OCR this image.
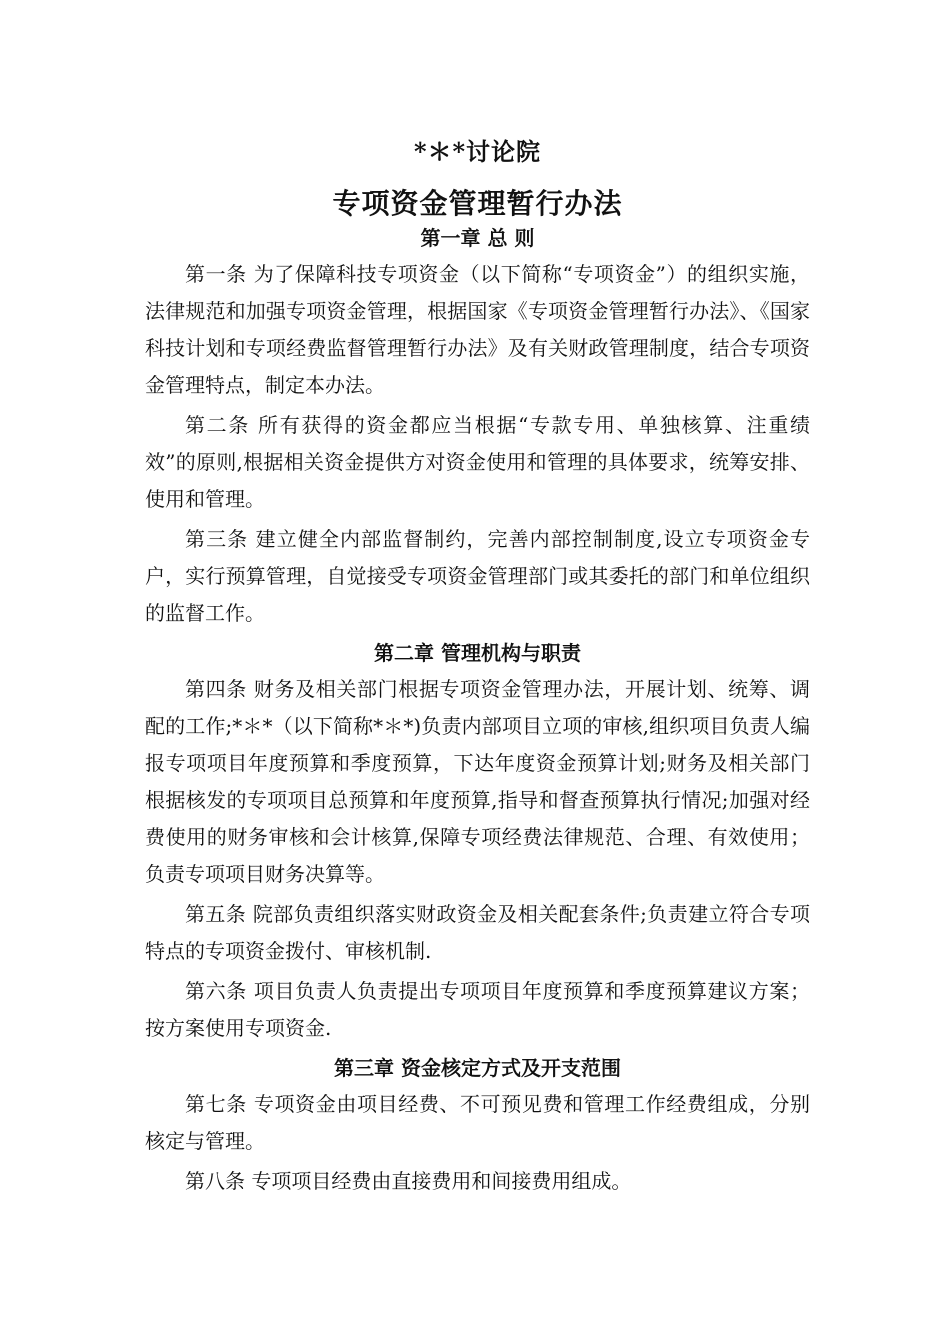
*＊*讨论院
专项资金管理暂行办法
第一章 总 则

第一条 为了保障科技专项资金（以下简称“专项资金”）的组织实施，法律规范和加强专项资金管理，根据国家《专项资金管理暂行办法》、《国家科技计划和专项经费监督管理暂行办法》及有关财政管理制度，结合专项资金管理特点，制定本办法。

第二条 所有获得的资金都应当根据“专款专用、单独核算、注重绩效”的原则,根据相关资金提供方对资金使用和管理的具体要求，统筹安排、使用和管理。

第三条 建立健全内部监督制约，完善内部控制制度,设立专项资金专户，实行预算管理，自觉接受专项资金管理部门或其委托的部门和单位组织的监督工作。

第二章 管理机构与职责

第四条 财务及相关部门根据专项资金管理办法，开展计划、统筹、调配的工作;*＊*（以下简称*＊*)负责内部项目立项的审核,组织项目负责人编报专项项目年度预算和季度预算，下达年度资金预算计划;财务及相关部门根据核发的专项项目总预算和年度预算,指导和督查预算执行情况;加强对经费使用的财务审核和会计核算,保障专项经费法律规范、合理、有效使用；负责专项项目财务决算等。

第五条 院部负责组织落实财政资金及相关配套条件;负责建立符合专项特点的专项资金拨付、审核机制.

第六条 项目负责人负责提出专项项目年度预算和季度预算建议方案；按方案使用专项资金.

第三章 资金核定方式及开支范围

第七条 专项资金由项目经费、不可预见费和管理工作经费组成，分别核定与管理。

第八条 专项项目经费由直接费用和间接费用组成。
